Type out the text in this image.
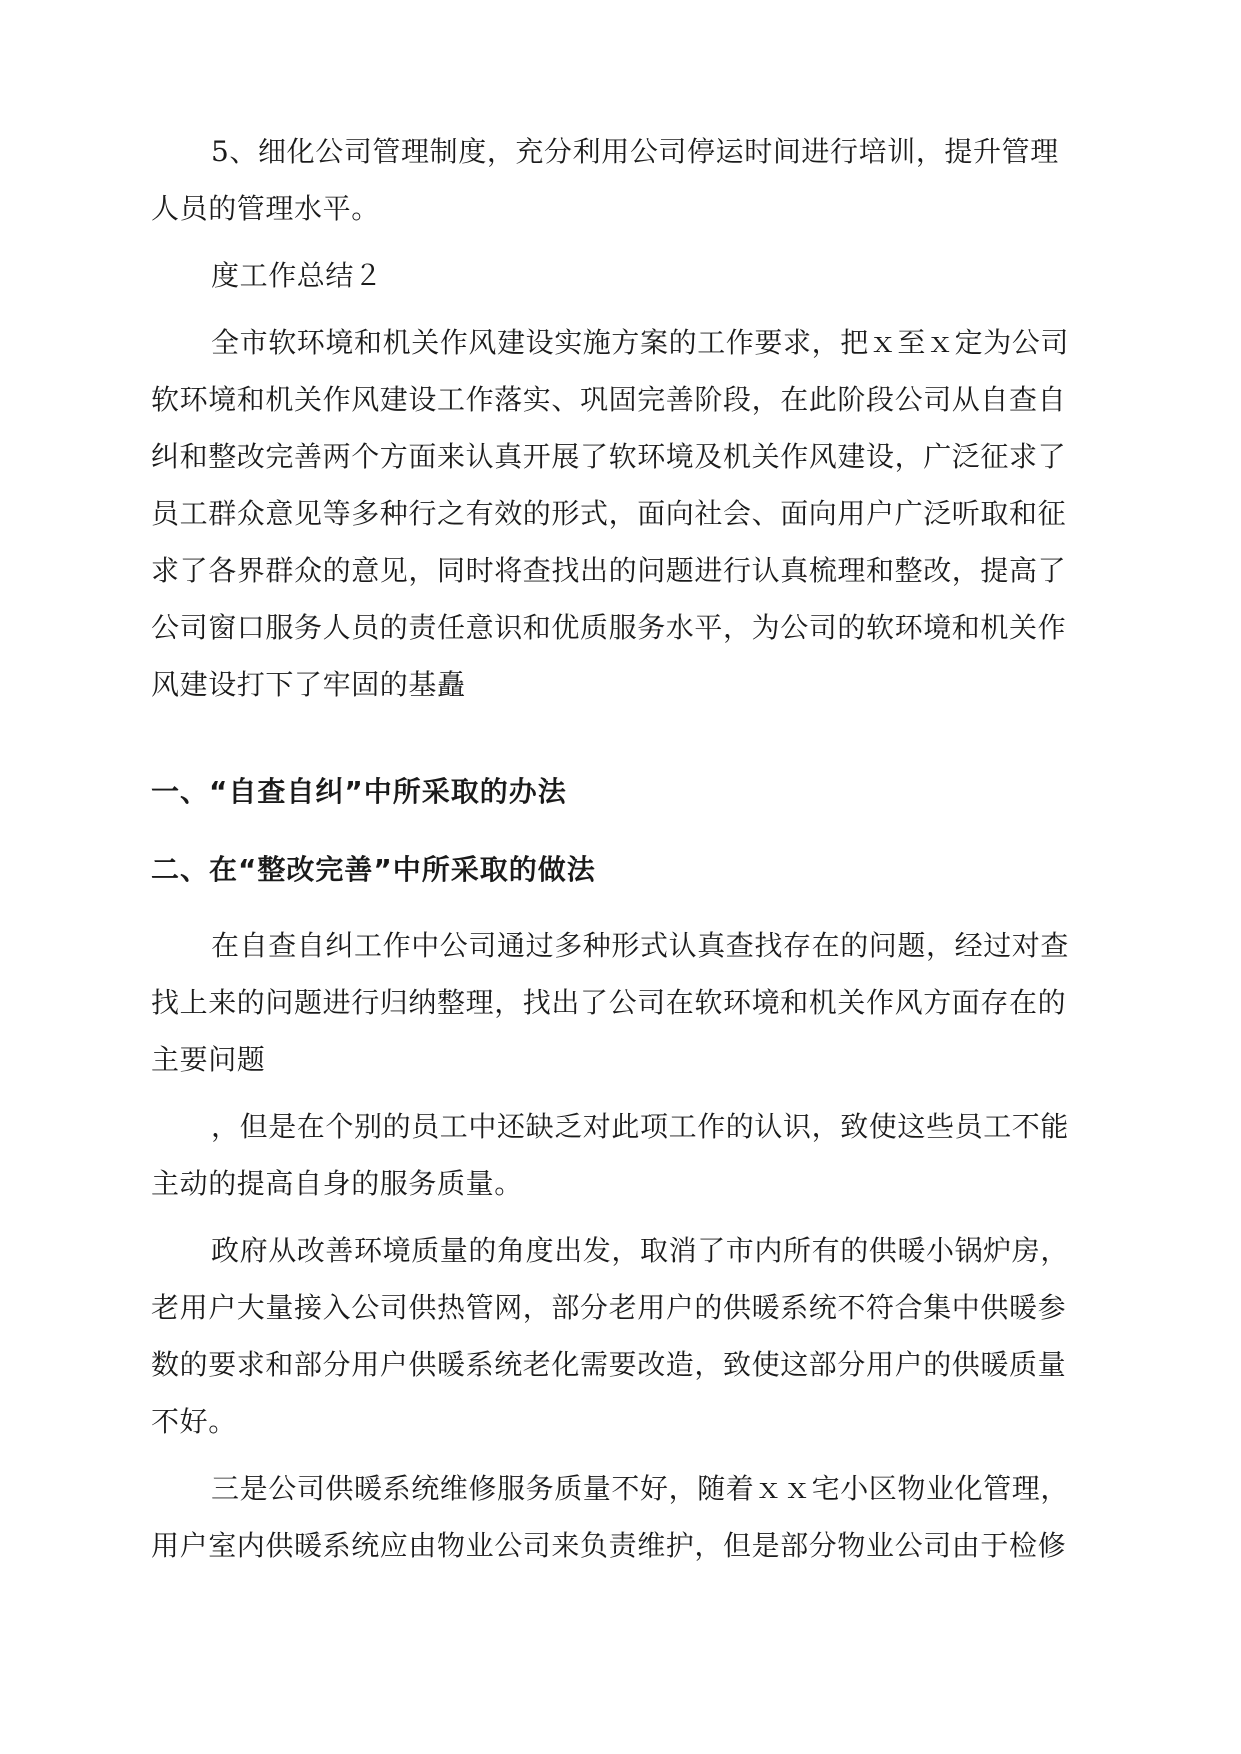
5、细化公司管理制度，充分利用公司停运时间进行培训，提升管理
人员的管理水平。
度工作总结２
全市软环境和机关作风建设实施方案的工作要求，把ｘ至ｘ定为公司
软环境和机关作风建设工作落实、巩固完善阶段，在此阶段公司从自查自
纠和整改完善两个方面来认真开展了软环境及机关作风建设，广泛征求了
员工群众意见等多种行之有效的形式，面向社会、面向用户广泛听取和征
求了各界群众的意见，同时将查找出的问题进行认真梳理和整改，提高了
公司窗口服务人员的责任意识和优质服务水平，为公司的软环境和机关作
风建设打下了牢固的基矗
一、“自查自纠”中所采取的办法
二、在“整改完善”中所采取的做法
在自查自纠工作中公司通过多种形式认真查找存在的问题，经过对查
找上来的问题进行归纳整理，找出了公司在软环境和机关作风方面存在的
主要问题
，但是在个别的员工中还缺乏对此项工作的认识，致使这些员工不能
主动的提高自身的服务质量。
政府从改善环境质量的角度出发，取消了市内所有的供暖小锅炉房，
老用户大量接入公司供热管网，部分老用户的供暖系统不符合集中供暖参
数的要求和部分用户供暖系统老化需要改造，致使这部分用户的供暖质量
不好。
三是公司供暖系统维修服务质量不好，随着ｘｘ宅小区物业化管理，
用户室内供暖系统应由物业公司来负责维护，但是部分物业公司由于检修
